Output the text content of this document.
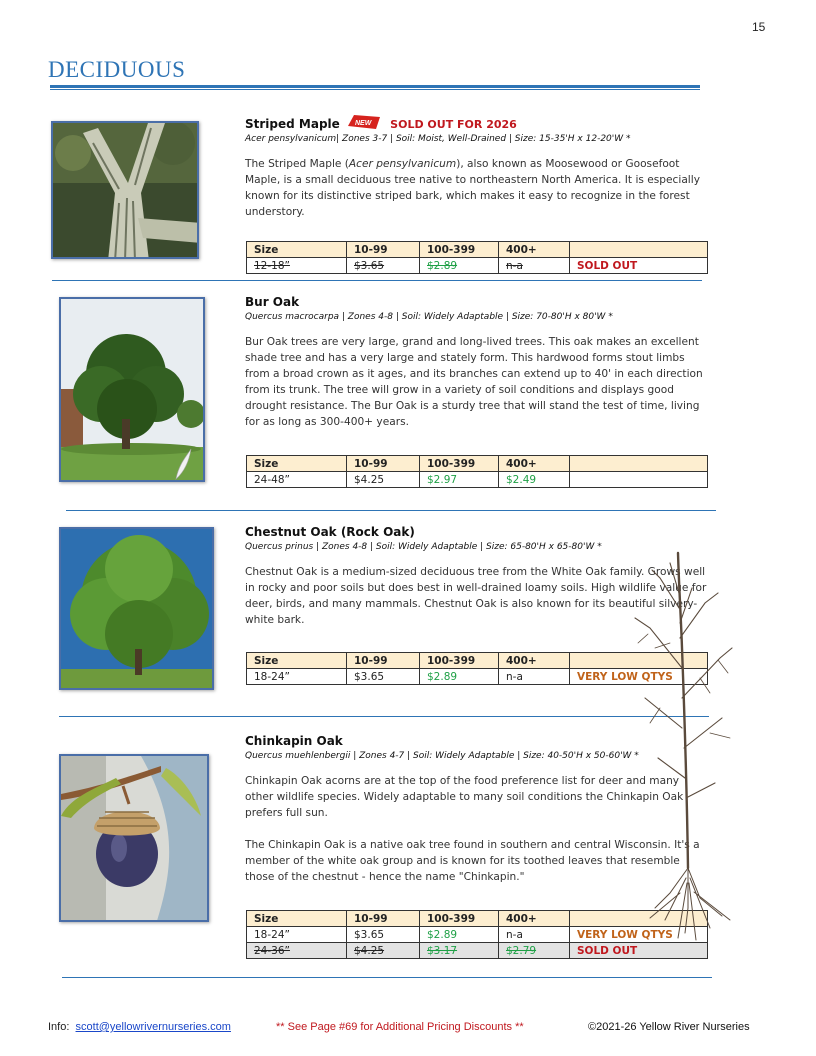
15
DECIDUOUS
Striped Maple NEW SOLD OUT FOR 2026
Acer pensylvanicum| Zones 3-7 | Soil: Moist, Well-Drained | Size: 15-35'H x 12-20'W *
The Striped Maple (Acer pensylvanicum), also known as Moosewood or Goosefoot Maple, is a small deciduous tree native to northeastern North America. It is especially known for its distinctive striped bark, which makes it easy to recognize in the forest understory.
Size	10-99	100-399	400+	
12-18”	$3.65	$2.89	n-a	SOLD OUT
Bur Oak
Quercus macrocarpa | Zones 4-8 | Soil: Widely Adaptable | Size: 70-80'H x 80'W *
Bur Oak trees are very large, grand and long-lived trees. This oak makes an excellent shade tree and has a very large and stately form. This hardwood forms stout limbs from a broad crown as it ages, and its branches can extend up to 40' in each direction from its trunk. The tree will grow in a variety of soil conditions and displays good drought resistance. The Bur Oak is a sturdy tree that will stand the test of time, living for as long as 300-400+ years.
Size	10-99	100-399	400+	
24-48”	$4.25	$2.97	$2.49	
Chestnut Oak (Rock Oak)
Quercus prinus | Zones 4-8 | Soil: Widely Adaptable | Size: 65-80'H x 65-80'W *
Chestnut Oak is a medium-sized deciduous tree from the White Oak family. Grows well in rocky and poor soils but does best in well-drained loamy soils. High wildlife value for deer, birds, and many mammals. Chestnut Oak is also known for its beautiful silvery-white bark.
Size	10-99	100-399	400+	
18-24”	$3.65	$2.89	n-a	VERY LOW QTYS
Chinkapin Oak
Quercus muehlenbergii | Zones 4-7 | Soil: Widely Adaptable | Size: 40-50'H x 50-60'W *

Chinkapin Oak acorns are at the top of the food preference list for deer and many other wildlife species. Widely adaptable to many soil conditions the Chinkapin Oak prefers full sun.

The Chinkapin Oak is a native oak tree found in southern and central Wisconsin. It's a member of the white oak group and is known for its toothed leaves that resemble those of the chestnut - hence the name "Chinkapin."

Size	10-99	100-399	400+	
18-24”	$3.65	$2.89	n-a	VERY LOW QTYS
24-36”	$4.25	$3.17	$2.79	SOLD OUT
Info: scott@yellowrivernurseries.com	** See Page #69 for Additional Pricing Discounts **	©2021-26 Yellow River Nurseries
